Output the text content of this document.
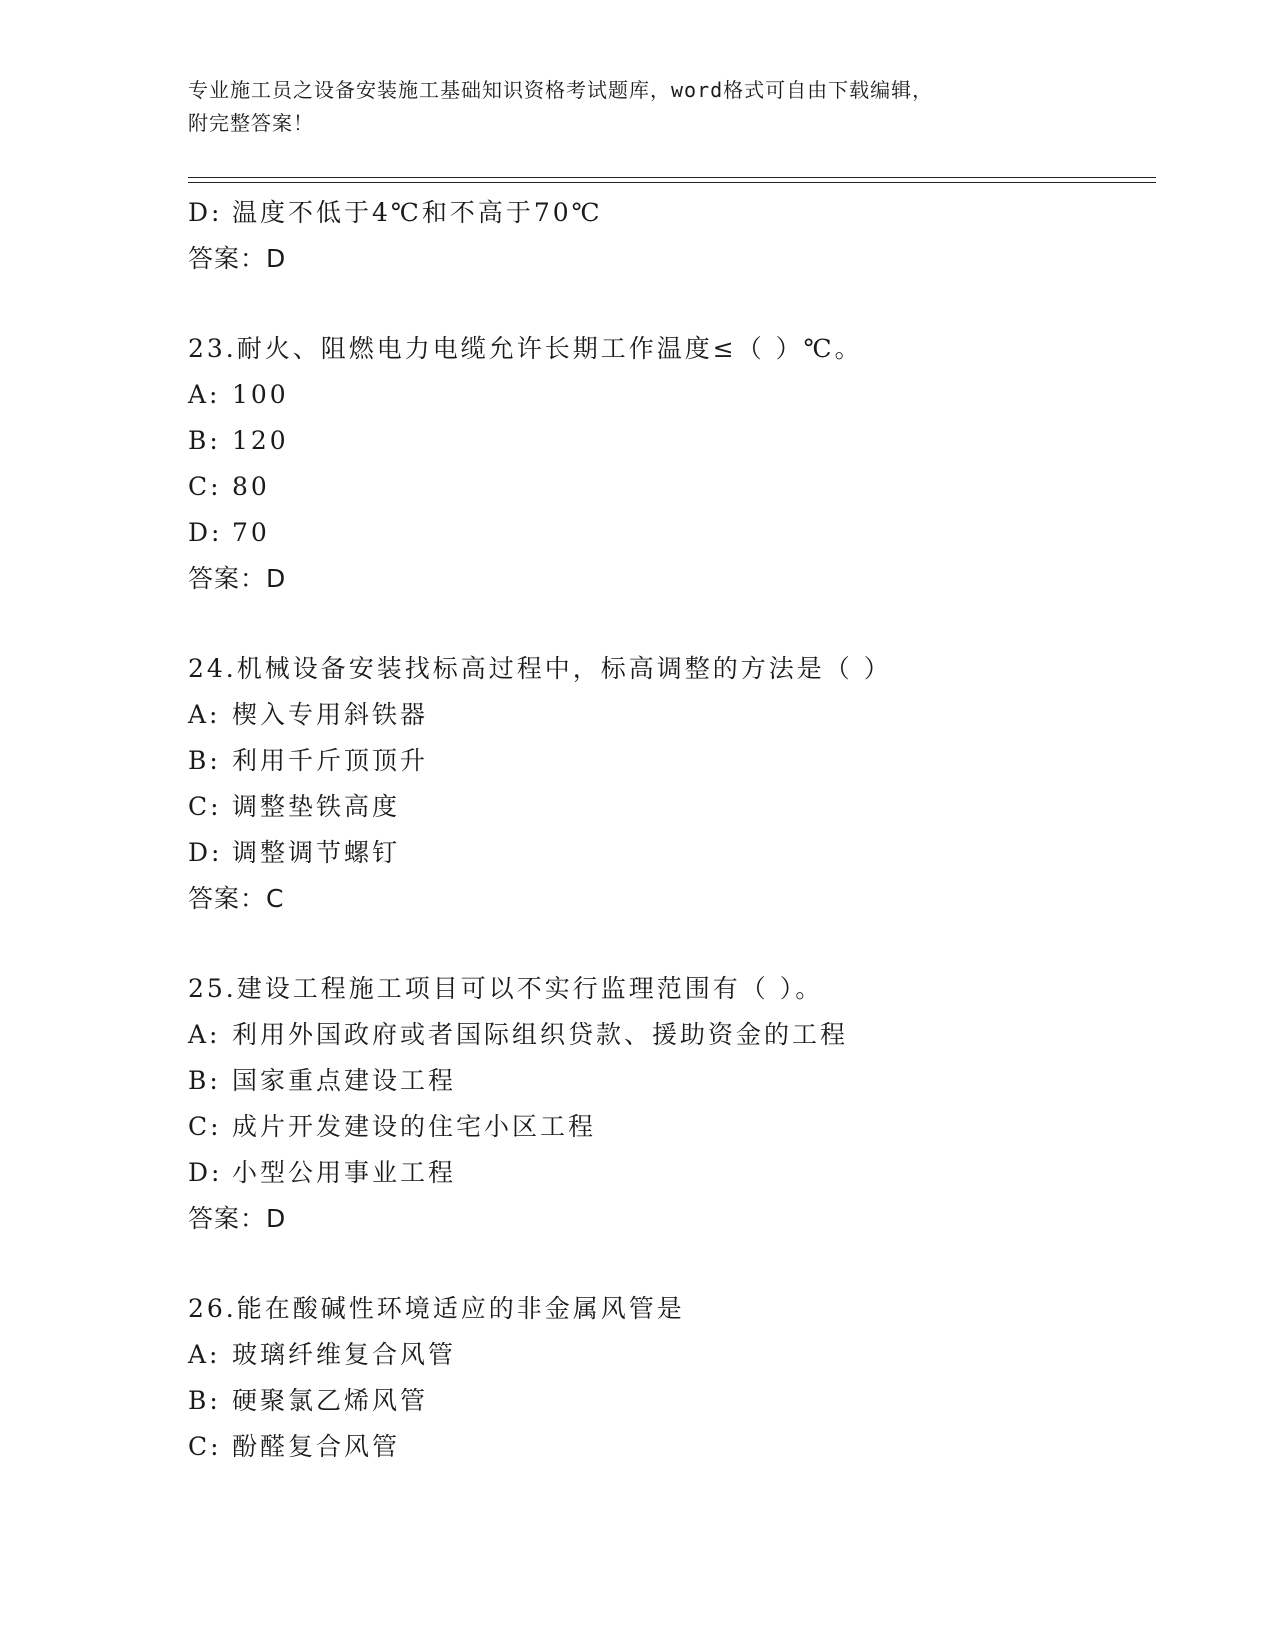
专业施工员之设备安装施工基础知识资格考试题库，word格式可自由下载编辑，
附完整答案！
D: 温度不低于4℃和不高于70℃
答案：D
23.耐火、阻燃电力电缆允许长期工作温度≤（ ）℃。
A: 100
B: 120
C: 80
D: 70
答案：D
24.机械设备安装找标高过程中，标高调整的方法是（ ）
A: 楔入专用斜铁器
B: 利用千斤顶顶升
C: 调整垫铁高度
D: 调整调节螺钉
答案：C
25.建设工程施工项目可以不实行监理范围有（ ）。
A: 利用外国政府或者国际组织贷款、援助资金的工程
B: 国家重点建设工程
C: 成片开发建设的住宅小区工程
D: 小型公用事业工程
答案：D
26.能在酸碱性环境适应的非金属风管是
A: 玻璃纤维复合风管
B: 硬聚氯乙烯风管
C: 酚醛复合风管
